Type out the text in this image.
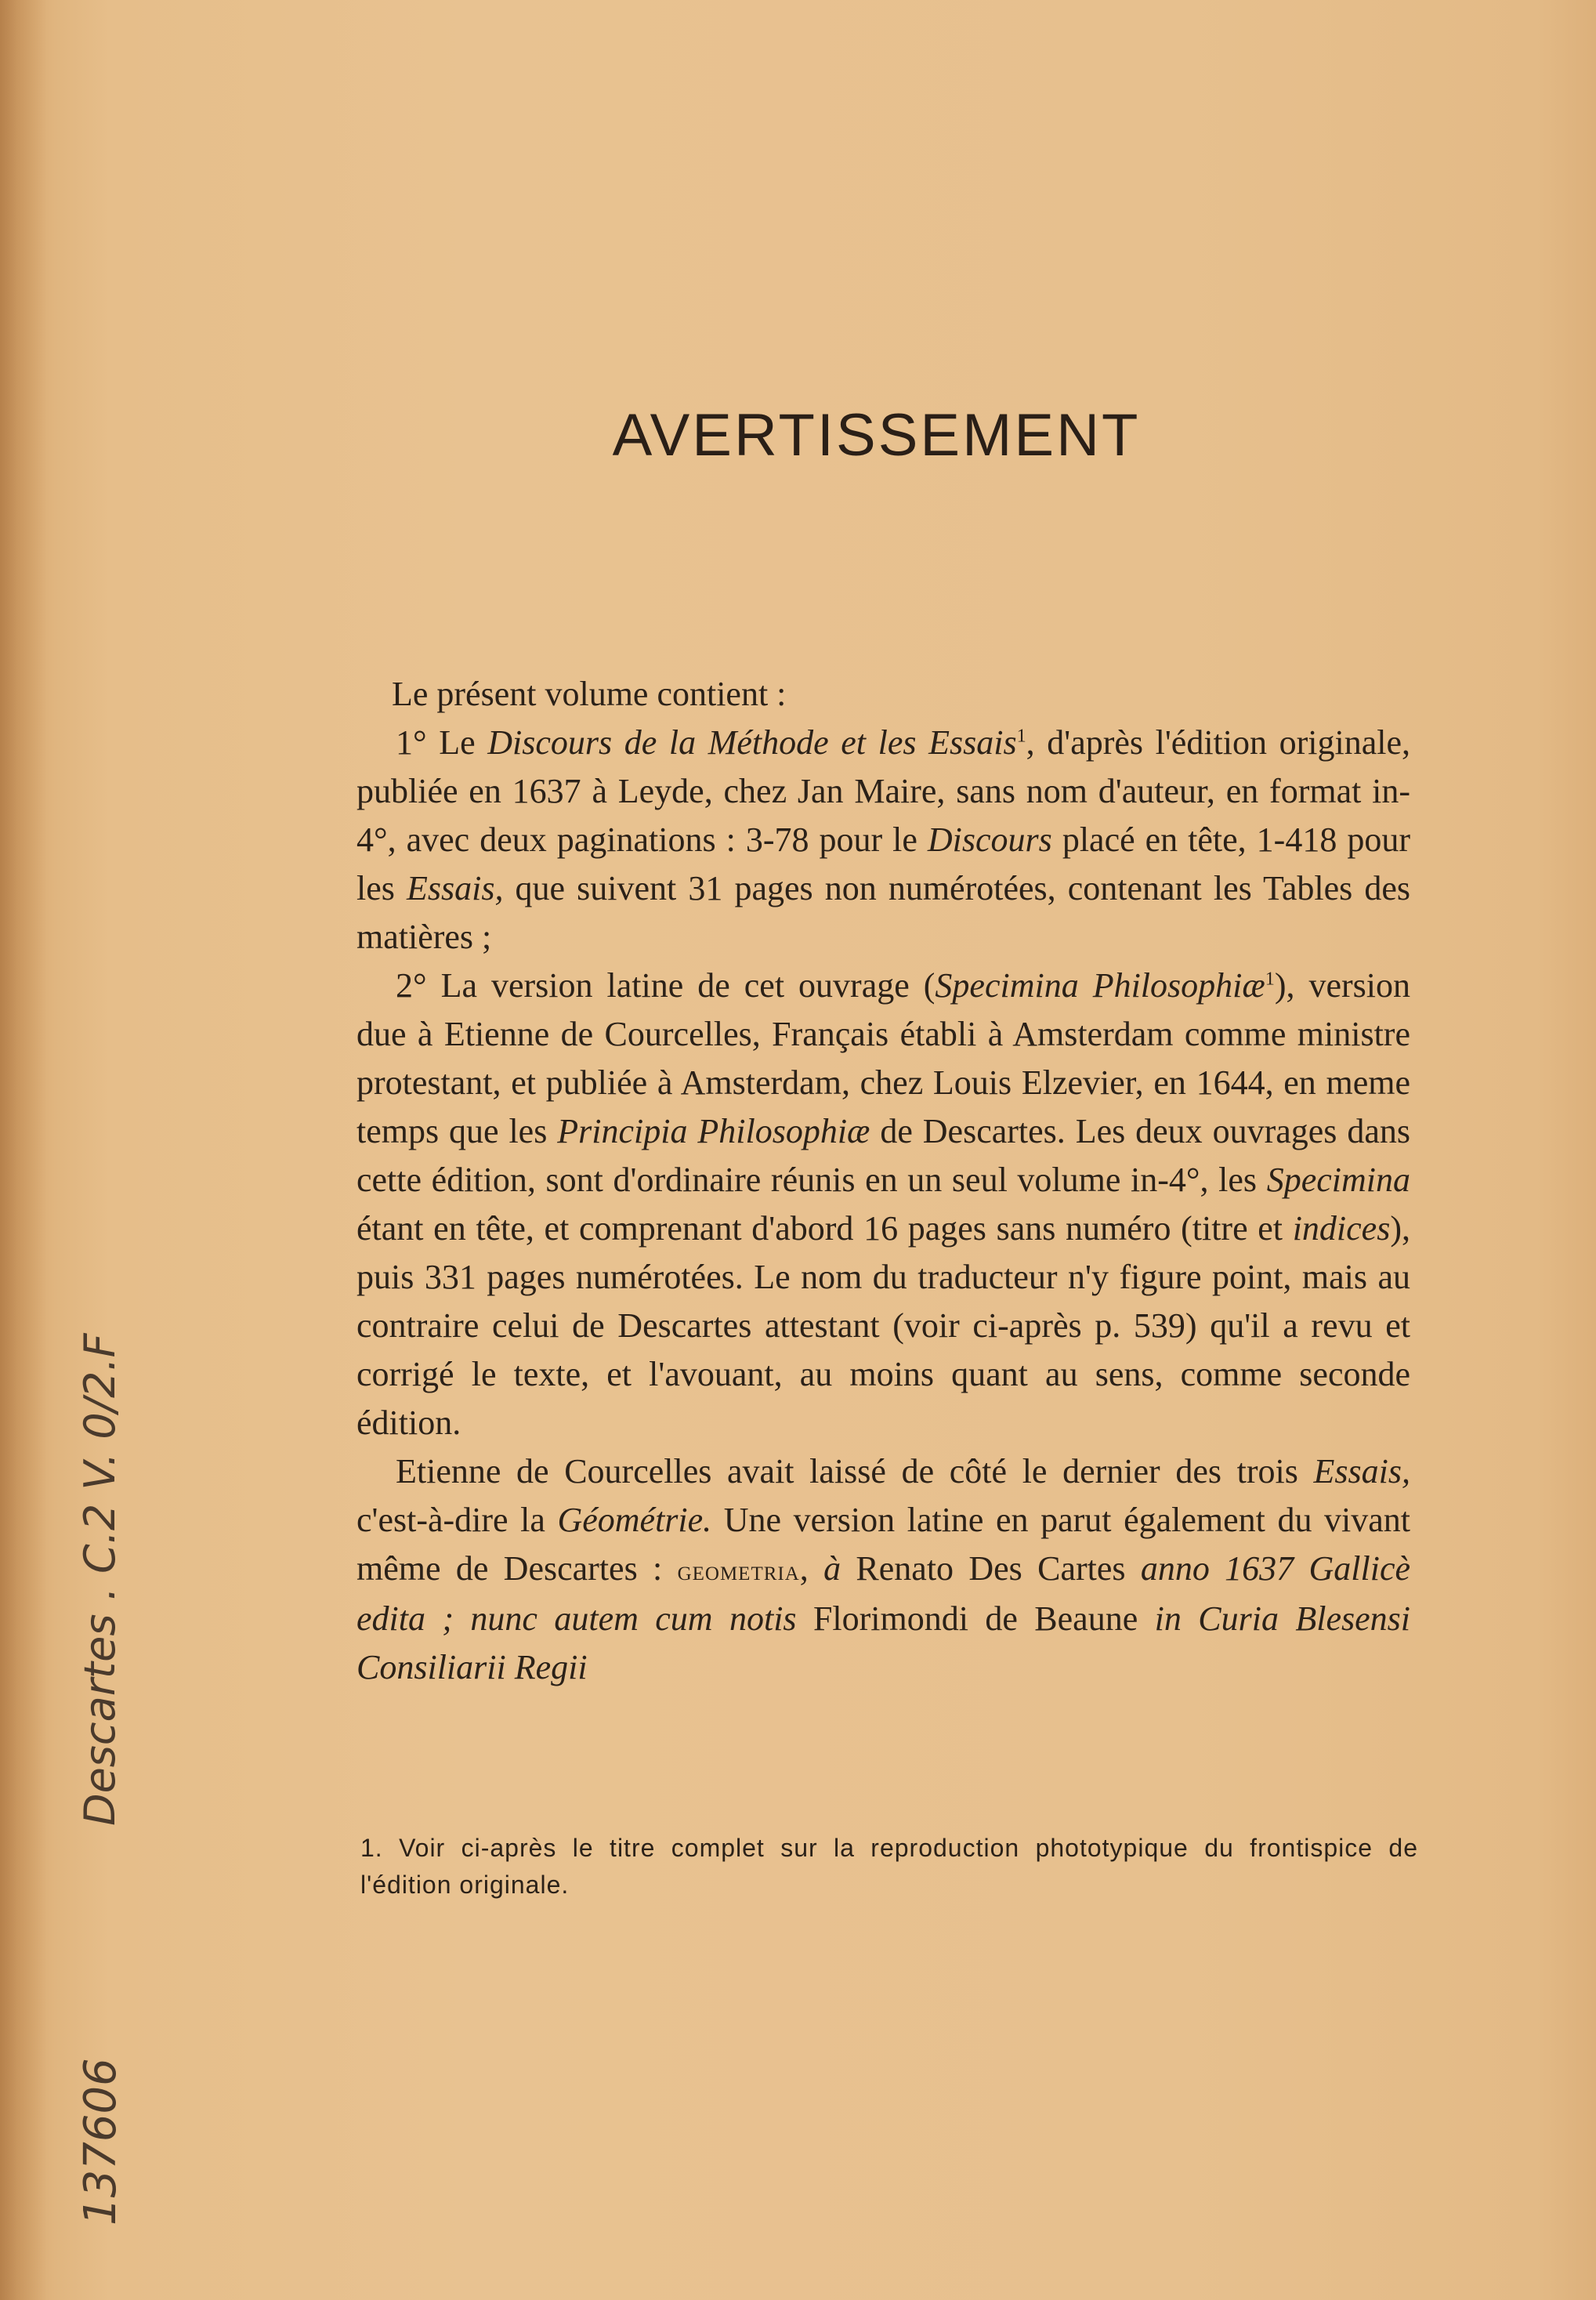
AVERTISSEMENT

Le présent volume contient :

1° Le Discours de la Méthode et les Essais$^1$, d'après l'édition originale, publiée en 1637 à Leyde, chez Jan Maire, sans nom d'auteur, en format in-4°, avec deux paginations : 3-78 pour le Discours placé en tête, 1-418 pour les Essais, que suivent 31 pages non numérotées, contenant les Tables des matières ;

2° La version latine de cet ouvrage (Specimina Philosophiæ$^1$), version due à Etienne de Courcelles, Français établi à Amsterdam comme ministre protestant, et publiée à Amsterdam, chez Louis Elzevier, en 1644, en meme temps que les Principia Philosophiæ de Descartes. Les deux ouvrages dans cette édition, sont d'ordinaire réunis en un seul volume in-4°, les Specimina étant en tête, et comprenant d'abord 16 pages sans numéro (titre et indices), puis 331 pages numérotées. Le nom du traducteur n'y figure point, mais au contraire celui de Descartes attestant (voir ci-après p. 539) qu'il a revu et corrigé le texte, et l'avouant, au moins quant au sens, comme seconde édition.

Etienne de Courcelles avait laissé de côté le dernier des trois Essais, c'est-à-dire la Géométrie. Une version latine en parut également du vivant même de Descartes : geometria, à Renato Des Cartes anno 1637 Gallicè edita ; nunc autem cum notis Florimondi de Beaune in Curia Blesensi Consiliarii Regii

1. Voir ci-après le titre complet sur la reproduction phototypique du frontispice de l'édition originale.

Descartes . C.2 V. 0/2.F
137606
